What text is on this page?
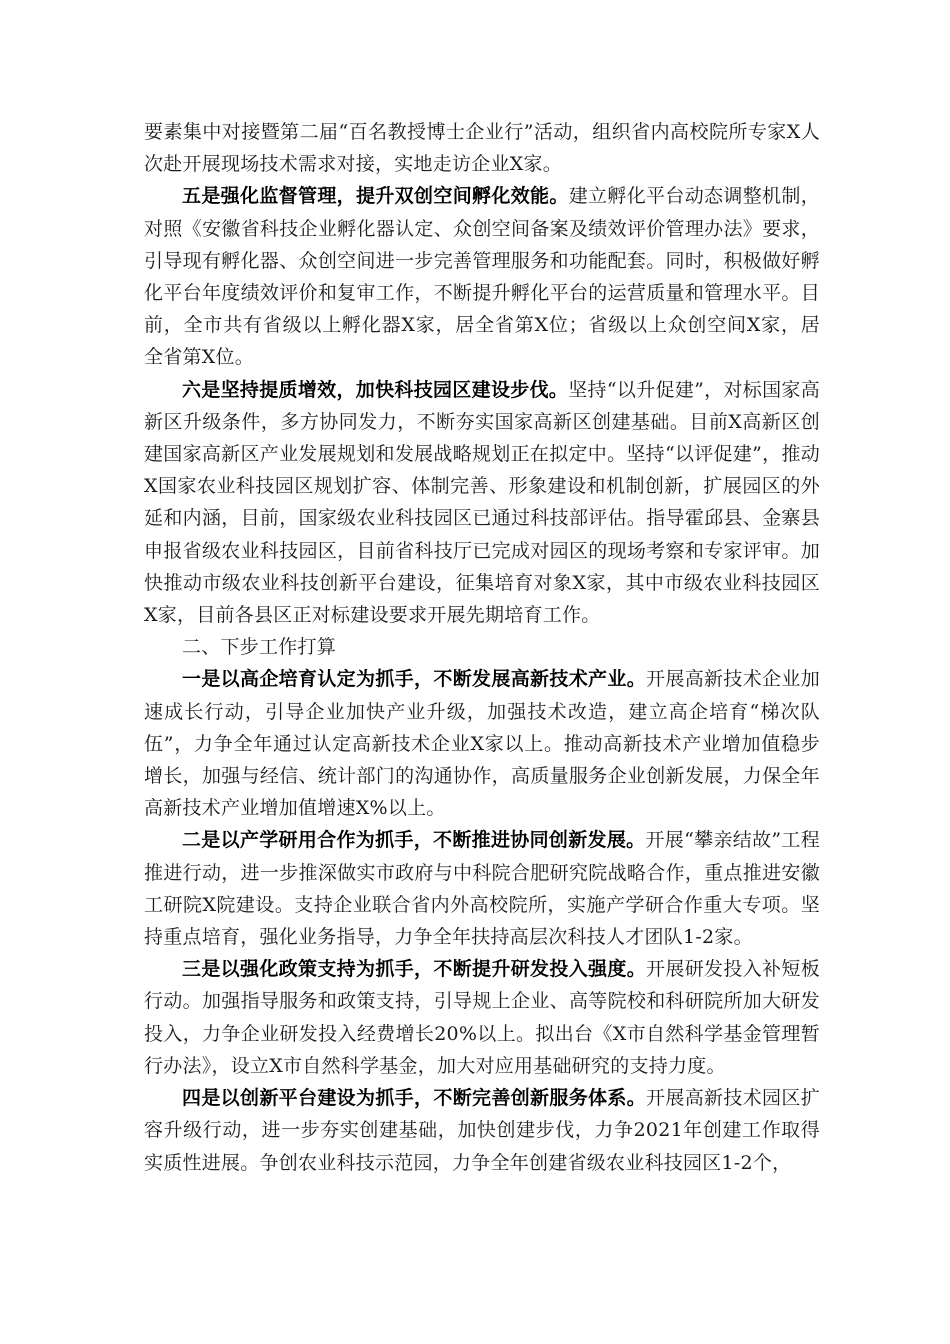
要素集中对接暨第二届“百名教授博士企业行”活动，组织省内高校院所专家X人次赴开展现场技术需求对接，实地走访企业X家。

五是强化监督管理，提升双创空间孵化效能。建立孵化平台动态调整机制，对照《安徽省科技企业孵化器认定、众创空间备案及绩效评价管理办法》要求，引导现有孵化器、众创空间进一步完善管理服务和功能配套。同时，积极做好孵化平台年度绩效评价和复审工作，不断提升孵化平台的运营质量和管理水平。目前，全市共有省级以上孵化器X家，居全省第X位；省级以上众创空间X家，居全省第X位。

六是坚持提质增效，加快科技园区建设步伐。坚持“以升促建”，对标国家高新区升级条件，多方协同发力，不断夯实国家高新区创建基础。目前X高新区创建国家高新区产业发展规划和发展战略规划正在拟定中。坚持“以评促建”，推动X国家农业科技园区规划扩容、体制完善、形象建设和机制创新，扩展园区的外延和内涵，目前，国家级农业科技园区已通过科技部评估。指导霍邱县、金寨县申报省级农业科技园区，目前省科技厅已完成对园区的现场考察和专家评审。加快推动市级农业科技创新平台建设，征集培育对象X家，其中市级农业科技园区X家，目前各县区正对标建设要求开展先期培育工作。

二、下步工作打算

一是以高企培育认定为抓手，不断发展高新技术产业。开展高新技术企业加速成长行动，引导企业加快产业升级，加强技术改造，建立高企培育“梯次队伍”，力争全年通过认定高新技术企业X家以上。推动高新技术产业增加值稳步增长，加强与经信、统计部门的沟通协作，高质量服务企业创新发展，力保全年高新技术产业增加值增速X%以上。

二是以产学研用合作为抓手，不断推进协同创新发展。开展“攀亲结故”工程推进行动，进一步推深做实市政府与中科院合肥研究院战略合作，重点推进安徽工研院X院建设。支持企业联合省内外高校院所，实施产学研合作重大专项。坚持重点培育，强化业务指导，力争全年扶持高层次科技人才团队1-2家。

三是以强化政策支持为抓手，不断提升研发投入强度。开展研发投入补短板行动。加强指导服务和政策支持，引导规上企业、高等院校和科研院所加大研发投入，力争企业研发投入经费增长20%以上。拟出台《X市自然科学基金管理暂行办法》，设立X市自然科学基金，加大对应用基础研究的支持力度。

四是以创新平台建设为抓手，不断完善创新服务体系。开展高新技术园区扩容升级行动，进一步夯实创建基础，加快创建步伐，力争2021年创建工作取得实质性进展。争创农业科技示范园，力争全年创建省级农业科技园区1-2个，
